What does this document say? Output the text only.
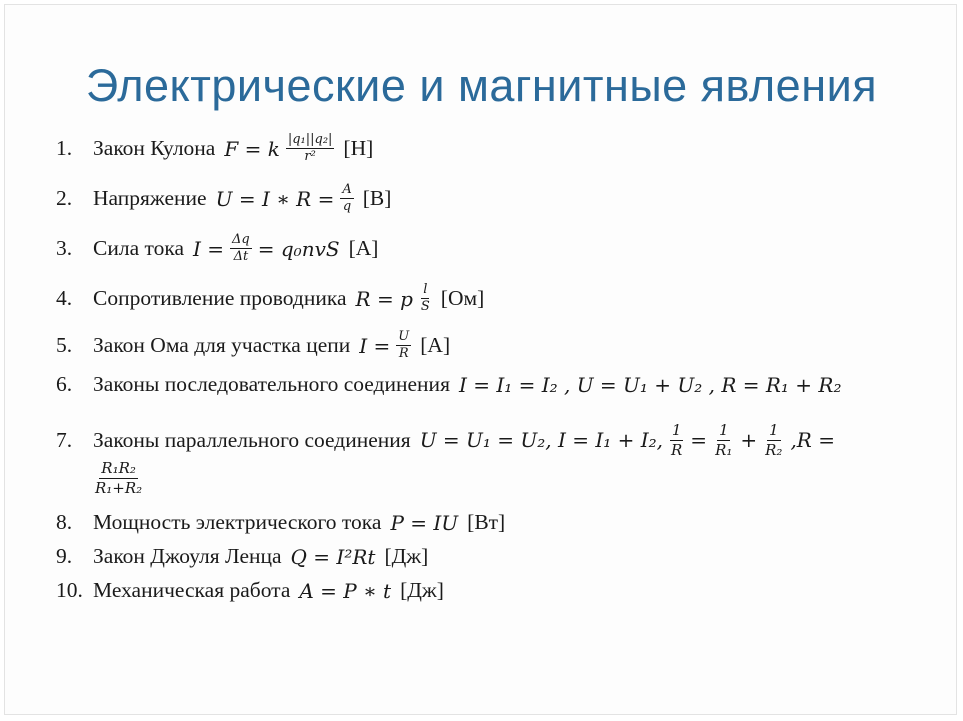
Электрические и магнитные явления
1. Закон Кулона F = k $\frac{\text{|q₁||q₂|}}{\text{r²}} [Н]$
2. Напряжение U = I ∗ $R = \frac{A}{q} [В]$
3. Сила тока $I = \frac{\Delta q}{\Delta t} = q_0nvS$ [А]
4. Сопротивление проводника R = p $\frac{l}{S} [Ом]$
5. Закон Ома для участка цепи $I = \frac{U}{R} [А]$
6. Законы последовательного соединения I = I₁ = I₂ , U = U₁ + U₂ , R = R₁ + R₂
7. Законы параллельного соединения U = U₁ = U₂, I = I₁ + I₂, $\frac{1}{R} = \frac{1}{\text{R₁}} + \frac{1}{\text{R₂}} ,R$ =
$\frac{\text{R₁R₂}}{\text{R₁+R₂}}$
8. Мощность электрического тока P = IU [Вт]
9. Закон Джоуля Ленца Q = I²Rt [Дж]
10. Механическая работа A = P ∗ t [Дж]
